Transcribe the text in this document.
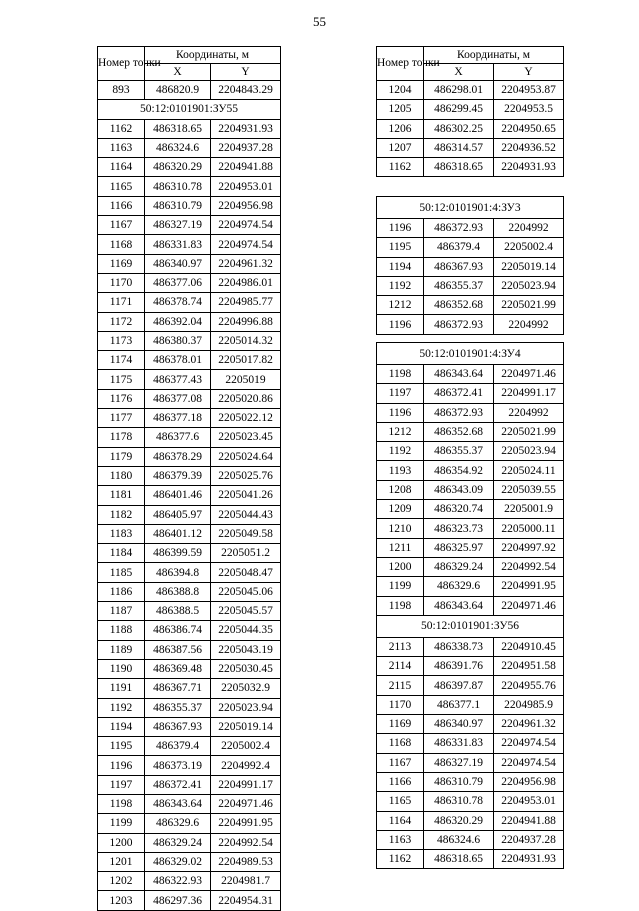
55
Номер точки	Координаты, м	
	X	Y
893	486820.9	2204843.29
50:12:0101901:ЗУ55		
1162	486318.65	2204931.93
1163	486324.6	2204937.28
1164	486320.29	2204941.88
1165	486310.78	2204953.01
1166	486310.79	2204956.98
1167	486327.19	2204974.54
1168	486331.83	2204974.54
1169	486340.97	2204961.32
1170	486377.06	2204986.01
1171	486378.74	2204985.77
1172	486392.04	2204996.88
1173	486380.37	2205014.32
1174	486378.01	2205017.82
1175	486377.43	2205019
1176	486377.08	2205020.86
1177	486377.18	2205022.12
1178	486377.6	2205023.45
1179	486378.29	2205024.64
1180	486379.39	2205025.76
1181	486401.46	2205041.26
1182	486405.97	2205044.43
1183	486401.12	2205049.58
1184	486399.59	2205051.2
1185	486394.8	2205048.47
1186	486388.8	2205045.06
1187	486388.5	2205045.57
1188	486386.74	2205044.35
1189	486387.56	2205043.19
1190	486369.48	2205030.45
1191	486367.71	2205032.9
1192	486355.37	2205023.94
1194	486367.93	2205019.14
1195	486379.4	2205002.4
1196	486373.19	2204992.4
1197	486372.41	2204991.17
1198	486343.64	2204971.46
1199	486329.6	2204991.95
1200	486329.24	2204992.54
1201	486329.02	2204989.53
1202	486322.93	2204981.7
1203	486297.36	2204954.31
Номер точки	Координаты, м	
	X	Y
1204	486298.01	2204953.87
1205	486299.45	2204953.5
1206	486302.25	2204950.65
1207	486314.57	2204936.52
1162	486318.65	2204931.93
50:12:0101901:4:ЗУ3		
1196	486372.93	2204992
1195	486379.4	2205002.4
1194	486367.93	2205019.14
1192	486355.37	2205023.94
1212	486352.68	2205021.99
1196	486372.93	2204992
50:12:0101901:4:ЗУ4		
1198	486343.64	2204971.46
1197	486372.41	2204991.17
1196	486372.93	2204992
1212	486352.68	2205021.99
1192	486355.37	2205023.94
1193	486354.92	2205024.11
1208	486343.09	2205039.55
1209	486320.74	2205001.9
1210	486323.73	2205000.11
1211	486325.97	2204997.92
1200	486329.24	2204992.54
1199	486329.6	2204991.95
1198	486343.64	2204971.46
50:12:0101901:ЗУ56		
2113	486338.73	2204910.45
2114	486391.76	2204951.58
2115	486397.87	2204955.76
1170	486377.1	2204985.9
1169	486340.97	2204961.32
1168	486331.83	2204974.54
1167	486327.19	2204974.54
1166	486310.79	2204956.98
1165	486310.78	2204953.01
1164	486320.29	2204941.88
1163	486324.6	2204937.28
1162	486318.65	2204931.93
